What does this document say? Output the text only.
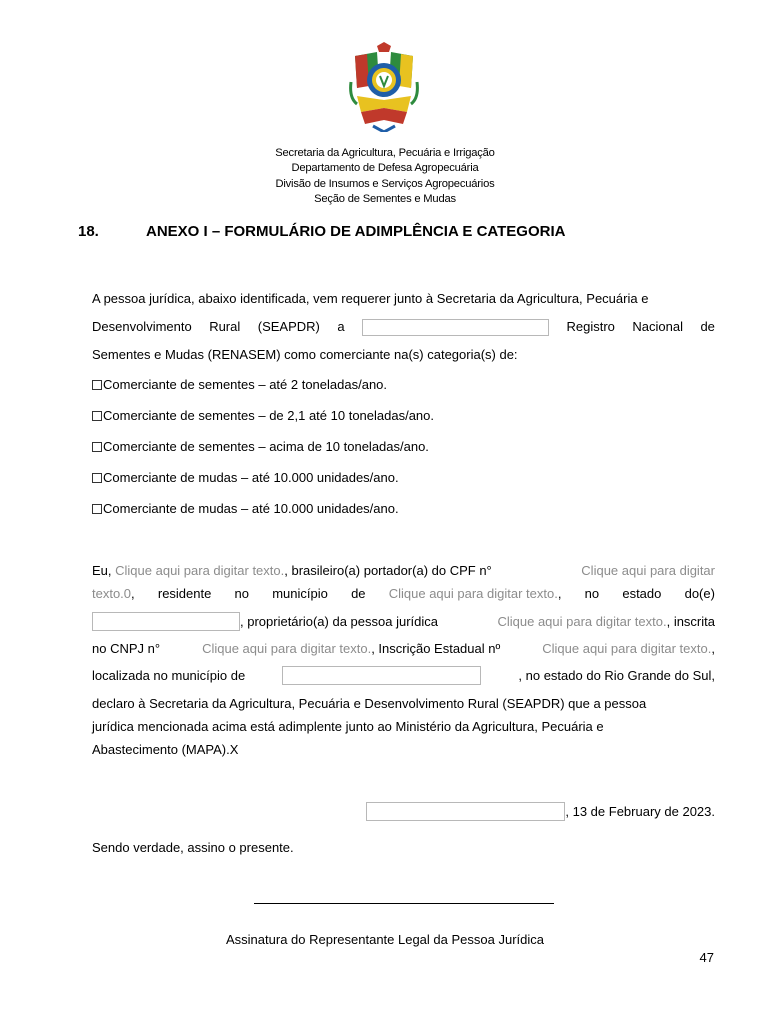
Secretaria da Agricultura, Pecuária e Irrigação
Departamento de Defesa Agropecuária
Divisão de Insumos e Serviços Agropecuários
Seção de Sementes e Mudas
18.	ANEXO I – FORMULÁRIO DE ADIMPLÊNCIA E CATEGORIA
A pessoa jurídica, abaixo identificada, vem requerer junto à Secretaria da Agricultura, Pecuária e
Desenvolvimento Rural (SEAPDR) a	Registro Nacional de
Sementes e Mudas (RENASEM) como comerciante na(s) categoria(s) de:
Comerciante de sementes – até 2 toneladas/ano.
Comerciante de sementes – de 2,1 até 10 toneladas/ano.
Comerciante de sementes – acima de 10 toneladas/ano.
Comerciante de mudas – até 10.000 unidades/ano.
Comerciante de mudas – até 10.000 unidades/ano.
Eu, Clique aqui para digitar texto., brasileiro(a) portador(a) do CPF n°	Clique aqui para digitar
texto.0, residente no município de Clique aqui para digitar texto., no estado do(e)
, proprietário(a) da pessoa jurídica	Clique aqui para digitar texto., inscrita
no CNPJ n°	Clique aqui para digitar texto., Inscrição Estadual nº	Clique aqui para digitar texto.,
localizada no município de	, no estado do Rio Grande do Sul,
declaro à Secretaria da Agricultura, Pecuária e Desenvolvimento Rural (SEAPDR) que a pessoa
jurídica mencionada acima está adimplente junto ao Ministério da Agricultura, Pecuária e
Abastecimento (MAPA).X
, 13 de February de 2023.
Sendo verdade, assino o presente.
Assinatura do Representante Legal da Pessoa Jurídica
47
